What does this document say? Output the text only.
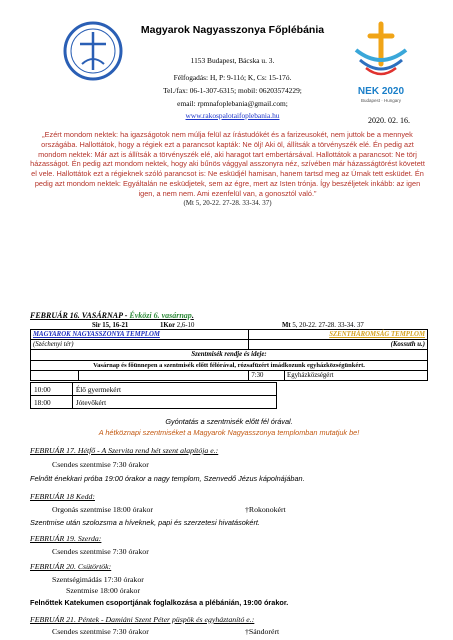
NEK 2020
Budapest · Hungary
Magyarok Nagyasszonya Főplébánia
1153 Budapest, Bácska u. 3.
Félfogadás: H, P: 9-11ó; K, Cs: 15-17ó.
Tel./fax: 06-1-307-6315; mobil: 06203574229;
email: rpmnafoplebania@gmail.com;
www.rakospalotaifoplebania.hu
2020. 02. 16.
„Ezért mondom nektek: ha igazságotok nem múlja felül az írástudókét és a farizeusokét, nem juttok be a mennyek országába. Hallottátok, hogy a régiek ezt a parancsot kapták: Ne ölj! Aki öl, állítsák a törvényszék elé. Én pedig azt mondom nektek: Már azt is állítsák a törvényszék elé, aki haragot tart embertársával. Hallottátok a parancsot: Ne törj házasságot. Én pedig azt mondom nektek, hogy aki bűnös vággyal asszonyra néz, szívében már házasságtörést követett el vele. Hallottátok ezt a régieknek szóló parancsot is: Ne esküdjél hamisan, hanem tartsd meg az Úrnak tett esküdet. Én pedig azt mondom nektek: Egyáltalán ne esküdjetek, sem az égre, mert az Isten trónja. Így beszéljetek inkább: az igen igen, a nem nem. Ami ezenfelül van, a gonosztól való.”
(Mt 5, 20-22. 27-28. 33-34. 37)
FEBRUÁR 16. VASÁRNAP - Évközi 6. vasárnap.
Sir 15, 16-21	1Kor 2,6-10	Mt 5, 20-22. 27-28. 33-34. 37
MAGYAROK NAGYASSZONYA TEMPLOM		SZENTHÁROMSÁG TEMPLOM	
(Széchenyi tér)		(Kossuth u.)	
Szentmisék rendje és ideje:			
Vasárnap és főünnepen a szentmisék előtt félórával, rózsafüzért imádkozunk egyházközségünkért.			
		7:30	Egyházközségért
10:00	Élő gyermekért
18:00	Jótevőkért
Gyóntatás a szentmisék előtt fél órával.
A hétköznapi szentmiséket a Magyarok Nagyasszonya templomban mutatjuk be!
FEBRUÁR 17. Hétfő - A Szervita rend hét szent alapítója e.:
Csendes szentmise 7:30 órakor
Felnőtt énekkari próba 19:00 órakor a nagy templom, Szenvedő Jézus kápolnájában.
FEBRUÁR 18 Kedd:
Orgonás szentmise 18:00 órakor	†Rokonokért
Szentmise után szolozsma a híveknek, papi és szerzetesi hivatásokért.
FEBRUÁR 19. Szerda:
Csendes szentmise 7:30 órakor
FEBRUÁR 20. Csütörtök:
Szentségimádás 17:30 órakor
Szentmise 18:00 órakor
Felnőttek Katekumen csoportjának foglalkozása a plébánián, 19:00 órakor.
FEBRUÁR 21. Péntek - Damiáni Szent Péter püspök és egyháztanító e.:
Csendes szentmise 7:30 órakor	†Sándorért
